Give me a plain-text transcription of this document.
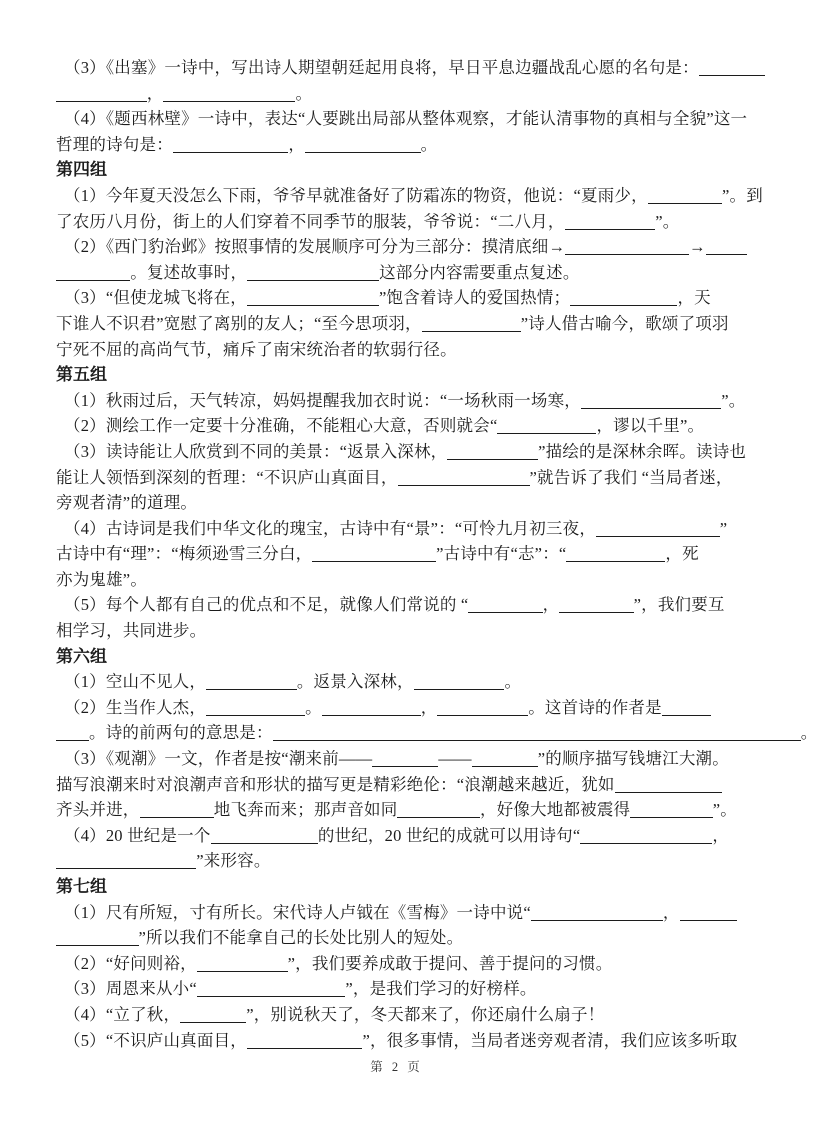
（3）《出塞》一诗中，写出诗人期望朝廷起用良将，早日平息边疆战乱心愿的名句是：
，	。
（4）《题西林壁》一诗中，表达“人要跳出局部从整体观察，才能认清事物的真相与全貌”这一
哲理的诗句是：	，	。
第四组
（1）今年夏天没怎么下雨，爷爷早就准备好了防霜冻的物资，他说：“夏雨少，	”。到
了农历八月份，街上的人们穿着不同季节的服装，爷爷说：“二八月，	”。
（2）《西门豹治邺》按照事情的发展顺序可分为三部分：摸清底细→	→
。复述故事时，	这部分内容需要重点复述。
（3）“但使龙城飞将在，	”饱含着诗人的爱国热情；	，天
下谁人不识君”宽慰了离别的友人；“至今思项羽，	”诗人借古喻今，歌颂了项羽
宁死不屈的高尚气节，痛斥了南宋统治者的软弱行径。
第五组
（1）秋雨过后，天气转凉，妈妈提醒我加衣时说：“一场秋雨一场寒，	”。
（2）测绘工作一定要十分准确，不能粗心大意，否则就会“	，谬以千里”。
（3）读诗能让人欣赏到不同的美景：“返景入深林，	”描绘的是深林余晖。读诗也
能让人领悟到深刻的哲理：“不识庐山真面目，	”就告诉了我们 “当局者迷，
旁观者清”的道理。
（4）古诗词是我们中华文化的瑰宝，古诗中有“景”：“可怜九月初三夜，	”
古诗中有“理”：“梅须逊雪三分白，	”古诗中有“志”：“	，死
亦为鬼雄”。
（5）每个人都有自己的优点和不足，就像人们常说的 “	，	”，我们要互
相学习，共同进步。
第六组
（1）空山不见人，	。返景入深林，	。
（2）生当作人杰，	。	，	。这首诗的作者是
。诗的前两句的意思是：	。
（3）《观潮》一文，作者是按“潮来前——	——	”的顺序描写钱塘江大潮。
描写浪潮来时对浪潮声音和形状的描写更是精彩绝伦：“浪潮越来越近，犹如
齐头并进，	地飞奔而来；那声音如同	，好像大地都被震得	”。
（4）20 世纪是一个	的世纪，20 世纪的成就可以用诗句“	，
”来形容。
第七组
（1）尺有所短，寸有所长。宋代诗人卢钺在《雪梅》一诗中说“	，
”所以我们不能拿自己的长处比别人的短处。
（2）“好问则裕，	”，我们要养成敢于提问、善于提问的习惯。
（3）周恩来从小“	”，是我们学习的好榜样。
（4）“立了秋，	”，别说秋天了，冬天都来了，你还扇什么扇子！
（5）“不识庐山真面目，	”，很多事情，当局者迷旁观者清，我们应该多听取
第 2 页
